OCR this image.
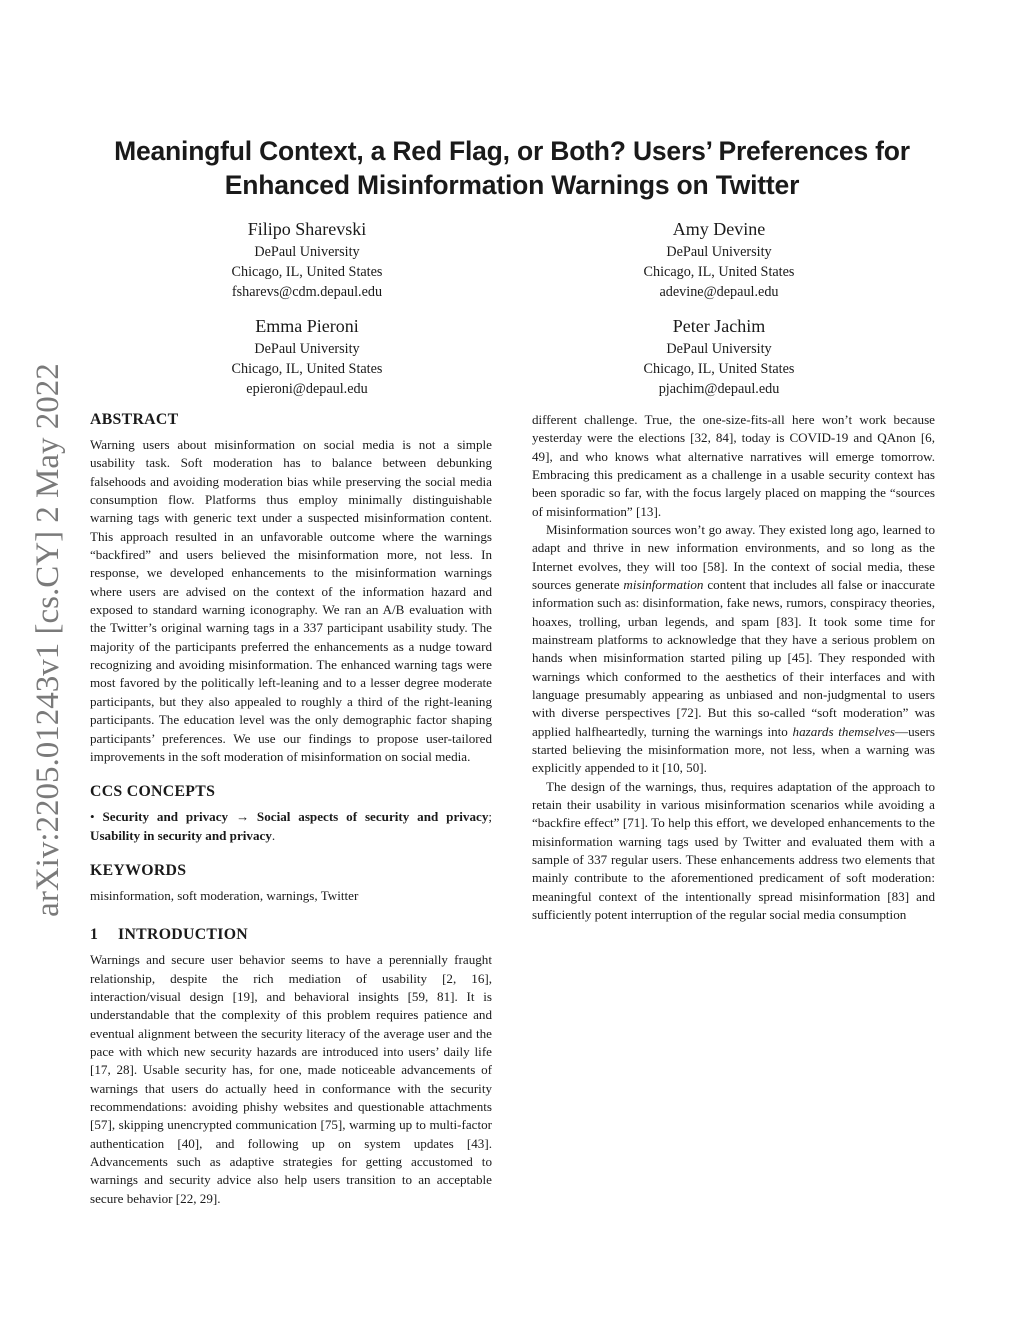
Meaningful Context, a Red Flag, or Both? Users’ Preferences for Enhanced Misinformation Warnings on Twitter
arXiv:2205.01243v1 [cs.CY] 2 May 2022
Filipo Sharevski
DePaul University
Chicago, IL, United States
fsharevs@cdm.depaul.edu
Amy Devine
DePaul University
Chicago, IL, United States
adevine@depaul.edu
Emma Pieroni
DePaul University
Chicago, IL, United States
epieroni@depaul.edu
Peter Jachim
DePaul University
Chicago, IL, United States
pjachim@depaul.edu
ABSTRACT

Warning users about misinformation on social media is not a simple usability task. Soft moderation has to balance between debunking falsehoods and avoiding moderation bias while preserving the social media consumption flow. Platforms thus employ minimally distinguishable warning tags with generic text under a suspected misinformation content. This approach resulted in an unfavorable outcome where the warnings “backfired” and users believed the misinformation more, not less. In response, we developed enhancements to the misinformation warnings where users are advised on the context of the information hazard and exposed to standard warning iconography. We ran an A/B evaluation with the Twitter’s original warning tags in a 337 participant usability study. The majority of the participants preferred the enhancements as a nudge toward recognizing and avoiding misinformation. The enhanced warning tags were most favored by the politically left-leaning and to a lesser degree moderate participants, but they also appealed to roughly a third of the right-leaning participants. The education level was the only demographic factor shaping participants’ preferences. We use our findings to propose user-tailored improvements in the soft moderation of misinformation on social media.

CCS CONCEPTS

• Security and privacy → Social aspects of security and privacy; Usability in security and privacy.

KEYWORDS

misinformation, soft moderation, warnings, Twitter

1 INTRODUCTION

Warnings and secure user behavior seems to have a perennially fraught relationship, despite the rich mediation of usability [2, 16], interaction/visual design [19], and behavioral insights [59, 81]. It is understandable that the complexity of this problem requires patience and eventual alignment between the security literacy of the average user and the pace with which new security hazards are introduced into users’ daily life [17, 28]. Usable security has, for one, made noticeable advancements of warnings that users do actually heed in conformance with the security recommendations: avoiding phishy websites and questionable attachments [57], skipping unencrypted communication [75], warming up to multi-factor authentication [40], and following up on system updates [43]. Advancements such as adaptive strategies for getting accustomed to warnings and security advice also help users transition to an acceptable secure behavior [22, 29].

different challenge. True, the one-size-fits-all here won’t work because yesterday were the elections [32, 84], today is COVID-19 and QAnon [6, 49], and who knows what alternative narratives will emerge tomorrow. Embracing this predicament as a challenge in a usable security context has been sporadic so far, with the focus largely placed on mapping the “sources of misinformation” [13].

Misinformation sources won’t go away. They existed long ago, learned to adapt and thrive in new information environments, and so long as the Internet evolves, they will too [58]. In the context of social media, these sources generate misinformation content that includes all false or inaccurate information such as: disinformation, fake news, rumors, conspiracy theories, hoaxes, trolling, urban legends, and spam [83]. It took some time for mainstream platforms to acknowledge that they have a serious problem on hands when misinformation started piling up [45]. They responded with warnings which conformed to the aesthetics of their interfaces and with language presumably appearing as unbiased and non-judgmental to users with diverse perspectives [72]. But this so-called “soft moderation” was applied halfheartedly, turning the warnings into hazards themselves—users started believing the misinformation more, not less, when a warning was explicitly appended to it [10, 50].

The design of the warnings, thus, requires adaptation of the approach to retain their usability in various misinformation scenarios while avoiding a “backfire effect” [71]. To help this effort, we developed enhancements to the misinformation warning tags used by Twitter and evaluated them with a sample of 337 regular users. These enhancements address two elements that mainly contribute to the aforementioned predicament of soft moderation: meaningful context of the intentionally spread misinformation [83] and sufficiently potent interruption of the regular social media consumption
